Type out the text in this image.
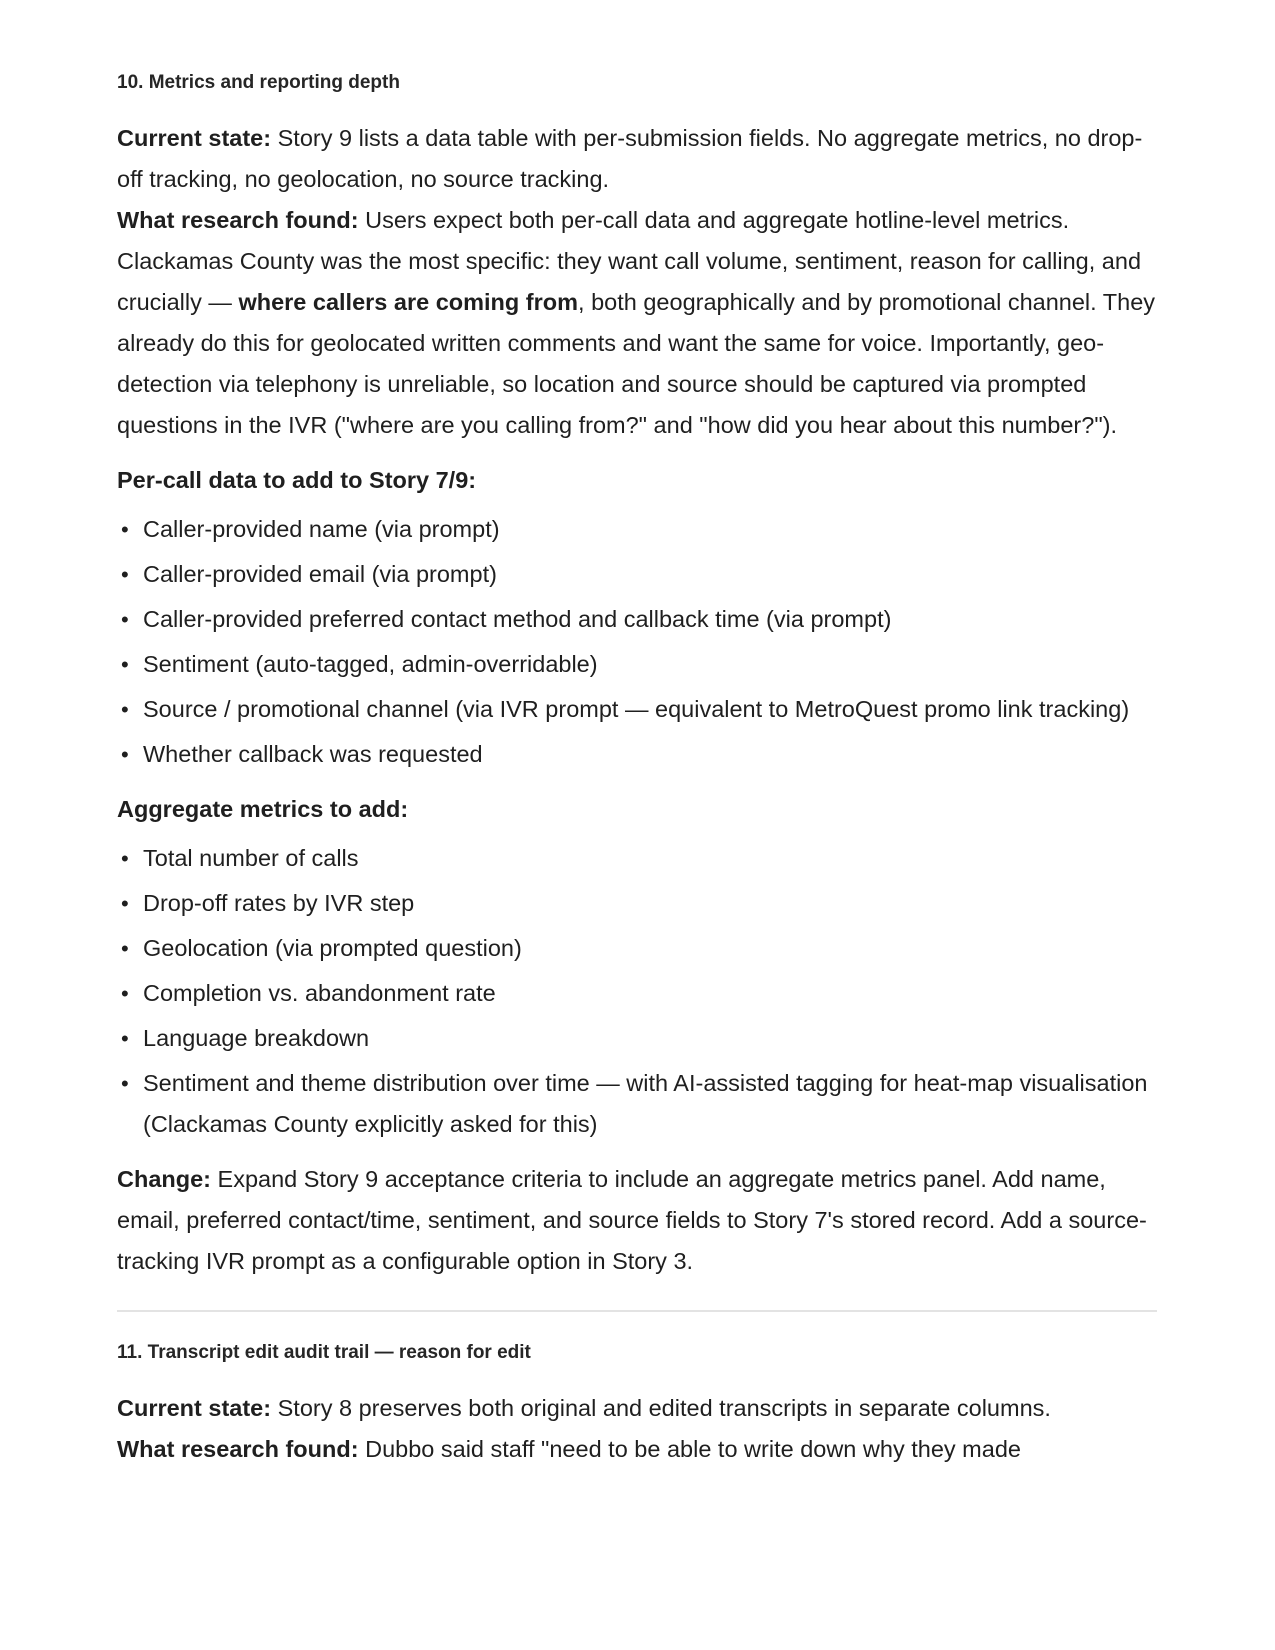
10. Metrics and reporting depth

Current state: Story 9 lists a data table with per-submission fields. No aggregate metrics, no drop-off tracking, no geolocation, no source tracking.

What research found: Users expect both per-call data and aggregate hotline-level metrics. Clackamas County was the most specific: they want call volume, sentiment, reason for calling, and crucially — where callers are coming from, both geographically and by promotional channel. They already do this for geolocated written comments and want the same for voice. Importantly, geo-detection via telephony is unreliable, so location and source should be captured via prompted questions in the IVR ("where are you calling from?" and "how did you hear about this number?").

Per-call data to add to Story 7/9:

• Caller-provided name (via prompt)
• Caller-provided email (via prompt)
• Caller-provided preferred contact method and callback time (via prompt)
• Sentiment (auto-tagged, admin-overridable)
• Source / promotional channel (via IVR prompt — equivalent to MetroQuest promo link tracking)
• Whether callback was requested

Aggregate metrics to add:

• Total number of calls
• Drop-off rates by IVR step
• Geolocation (via prompted question)
• Completion vs. abandonment rate
• Language breakdown
• Sentiment and theme distribution over time — with AI-assisted tagging for heat-map visualisation (Clackamas County explicitly asked for this)

Change: Expand Story 9 acceptance criteria to include an aggregate metrics panel. Add name, email, preferred contact/time, sentiment, and source fields to Story 7's stored record. Add a source-tracking IVR prompt as a configurable option in Story 3.

11. Transcript edit audit trail — reason for edit

Current state: Story 8 preserves both original and edited transcripts in separate columns.

What research found: Dubbo said staff "need to be able to write down why they made
